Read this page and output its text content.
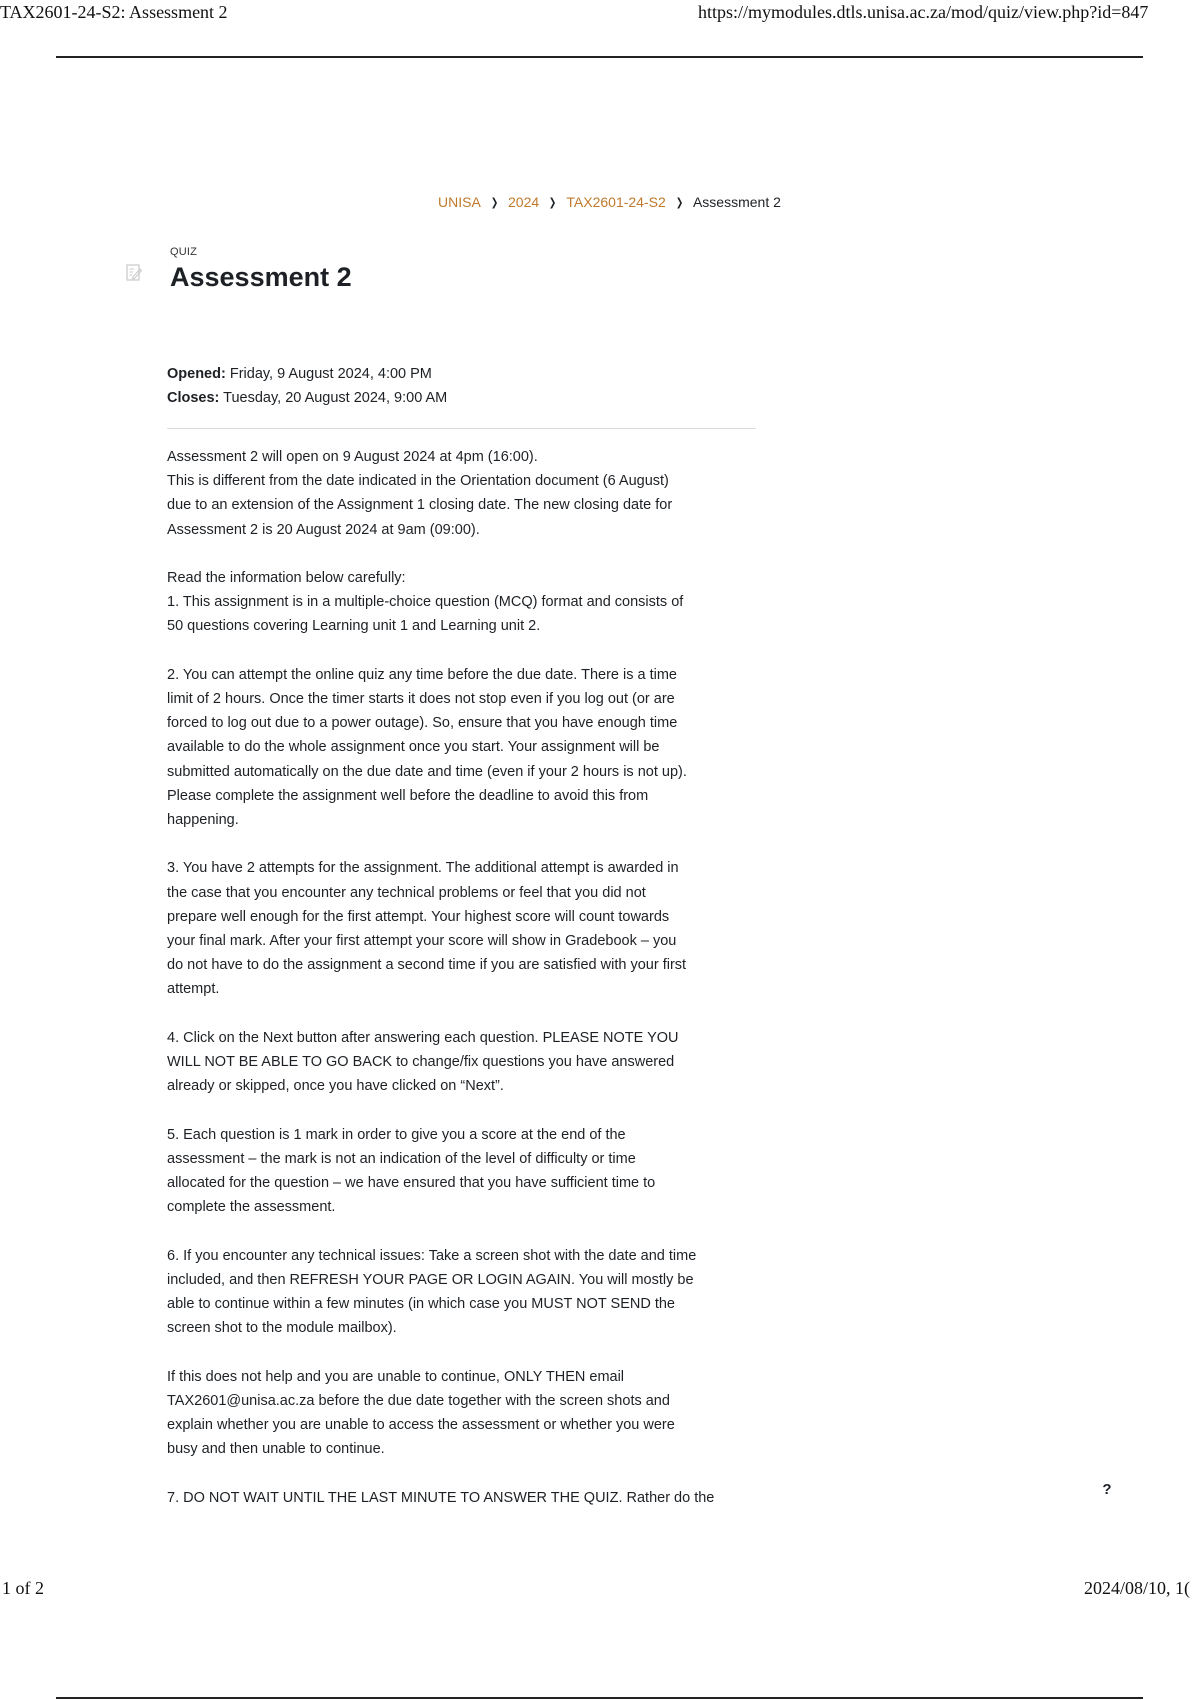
TAX2601-24-S2: Assessment 2	https://mymodules.dtls.unisa.ac.za/mod/quiz/view.php?id=847
UNISA ❯ 2024 ❯ TAX2601-24-S2 ❯ Assessment 2
QUIZ
Assessment 2
Opened: Friday, 9 August 2024, 4:00 PM
Closes: Tuesday, 20 August 2024, 9:00 AM

Assessment 2 will open on 9 August 2024 at 4pm (16:00).
This is different from the date indicated in the Orientation document (6 August)
due to an extension of the Assignment 1 closing date. The new closing date for
Assessment 2 is 20 August 2024 at 9am (09:00).

Read the information below carefully:
1. This assignment is in a multiple-choice question (MCQ) format and consists of
50 questions covering Learning unit 1 and Learning unit 2.

2. You can attempt the online quiz any time before the due date. There is a time
limit of 2 hours. Once the timer starts it does not stop even if you log out (or are
forced to log out due to a power outage). So, ensure that you have enough time
available to do the whole assignment once you start. Your assignment will be
submitted automatically on the due date and time (even if your 2 hours is not up).
Please complete the assignment well before the deadline to avoid this from
happening.

3. You have 2 attempts for the assignment. The additional attempt is awarded in
the case that you encounter any technical problems or feel that you did not
prepare well enough for the first attempt. Your highest score will count towards
your final mark. After your first attempt your score will show in Gradebook – you
do not have to do the assignment a second time if you are satisfied with your first
attempt.

4. Click on the Next button after answering each question. PLEASE NOTE YOU
WILL NOT BE ABLE TO GO BACK to change/fix questions you have answered
already or skipped, once you have clicked on “Next”.

5. Each question is 1 mark in order to give you a score at the end of the
assessment – the mark is not an indication of the level of difficulty or time
allocated for the question – we have ensured that you have sufficient time to
complete the assessment.

6. If you encounter any technical issues: Take a screen shot with the date and time
included, and then REFRESH YOUR PAGE OR LOGIN AGAIN. You will mostly be
able to continue within a few minutes (in which case you MUST NOT SEND the
screen shot to the module mailbox).

If this does not help and you are unable to continue, ONLY THEN email
TAX2601@unisa.ac.za before the due date together with the screen shots and
explain whether you are unable to access the assessment or whether you were
busy and then unable to continue.

7. DO NOT WAIT UNTIL THE LAST MINUTE TO ANSWER THE QUIZ. Rather do the	?
1 of 2	2024/08/10, 1(
